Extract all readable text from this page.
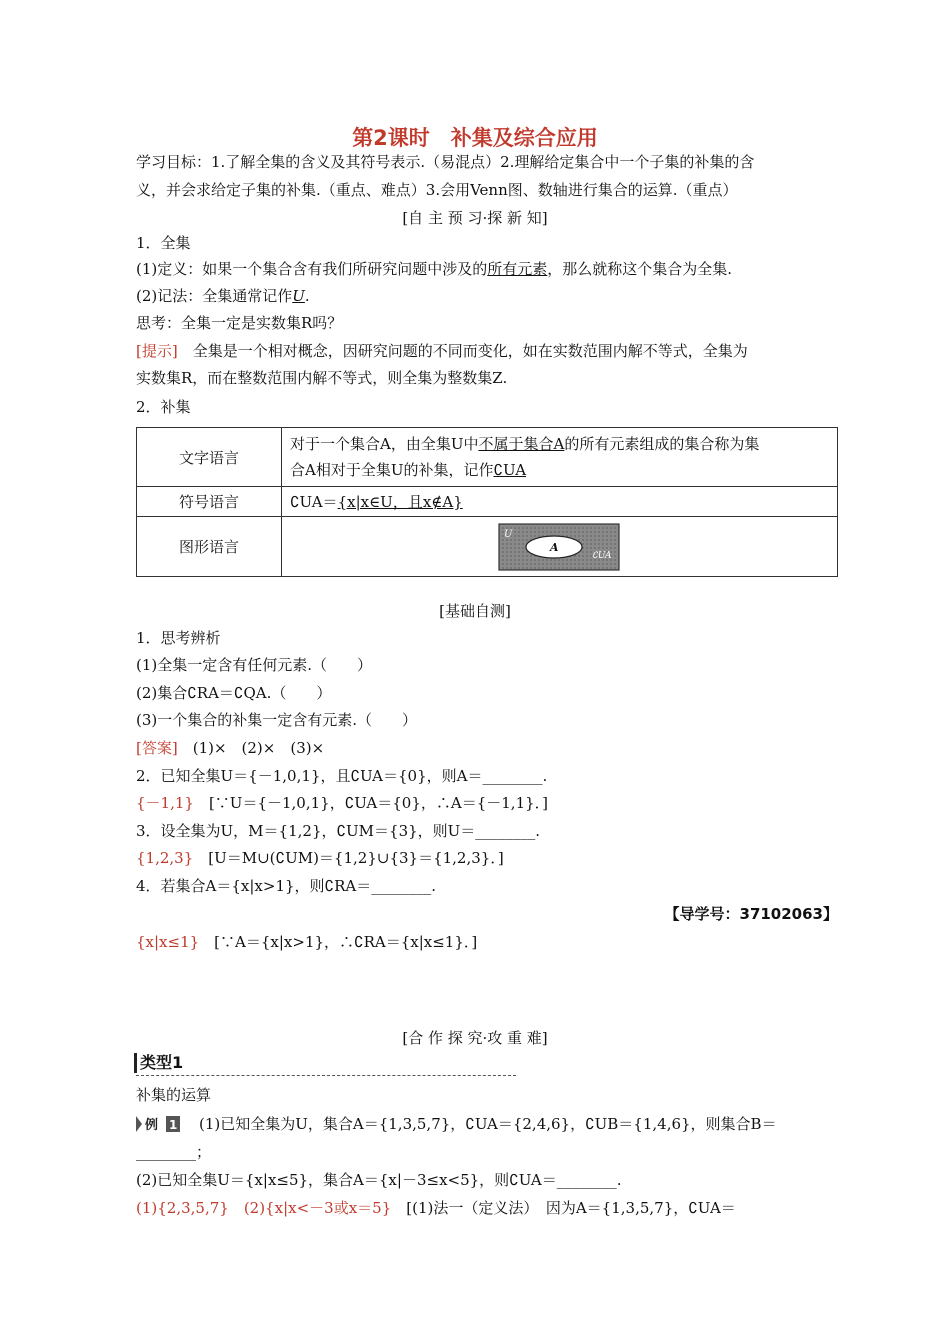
第2课时　补集及综合应用
学习目标：1.了解全集的含义及其符号表示.（易混点）2.理解给定集合中一个子集的补集的含
义，并会求给定子集的补集.（重点、难点）3.会用Venn图、数轴进行集合的运算.（重点）
[自 主 预 习·探 新 知]
1．全集
(1)定义：如果一个集合含有我们所研究问题中涉及的所有元素，那么就称这个集合为全集.
(2)记法：全集通常记作U.
思考：全集一定是实数集R吗？
[提示]　全集是一个相对概念，因研究问题的不同而变化，如在实数范围内解不等式，全集为
实数集R，而在整数范围内解不等式，则全集为整数集Z.
2．补集
文字语言	对于一个集合A，由全集U中不属于集合A的所有元素组成的集合称为集
合A相对于全集U的补集，记作∁UA
符号语言	∁UA＝{x|x∈U，且x∉A}
图形语言	U
A
∁UA
[基础自测]
1．思考辨析
(1)全集一定含有任何元素.（　　）
(2)集合∁RA＝∁QA.（　　）
(3)一个集合的补集一定含有元素.（　　）
[答案]　(1)×　(2)×　(3)×
2．已知全集U＝{－1,0,1}，且∁UA＝{0}，则A＝________.
{－1,1}　[∵U＝{－1,0,1}，∁UA＝{0}，∴A＝{－1,1}．]
3．设全集为U，M＝{1,2}，∁UM＝{3}，则U＝________.
{1,2,3}　[U＝M∪(∁UM)＝{1,2}∪{3}＝{1,2,3}．]
4．若集合A＝{x|x>1}，则∁RA＝________.
【导学号：37102063】
{x|x≤1}　[∵A＝{x|x>1}，∴∁RA＝{x|x≤1}．]
[合 作 探 究·攻 重 难]
类型1
补集的运算
例 1 　(1)已知全集为U，集合A＝{1,3,5,7}，∁UA＝{2,4,6}，∁UB＝{1,4,6}，则集合B＝
________；
(2)已知全集U＝{x|x≤5}，集合A＝{x|－3≤x<5}，则∁UA＝________.
(1){2,3,5,7}　(2){x|x<－3或x＝5}　[(1)法一（定义法）　因为A＝{1,3,5,7}，∁UA＝
